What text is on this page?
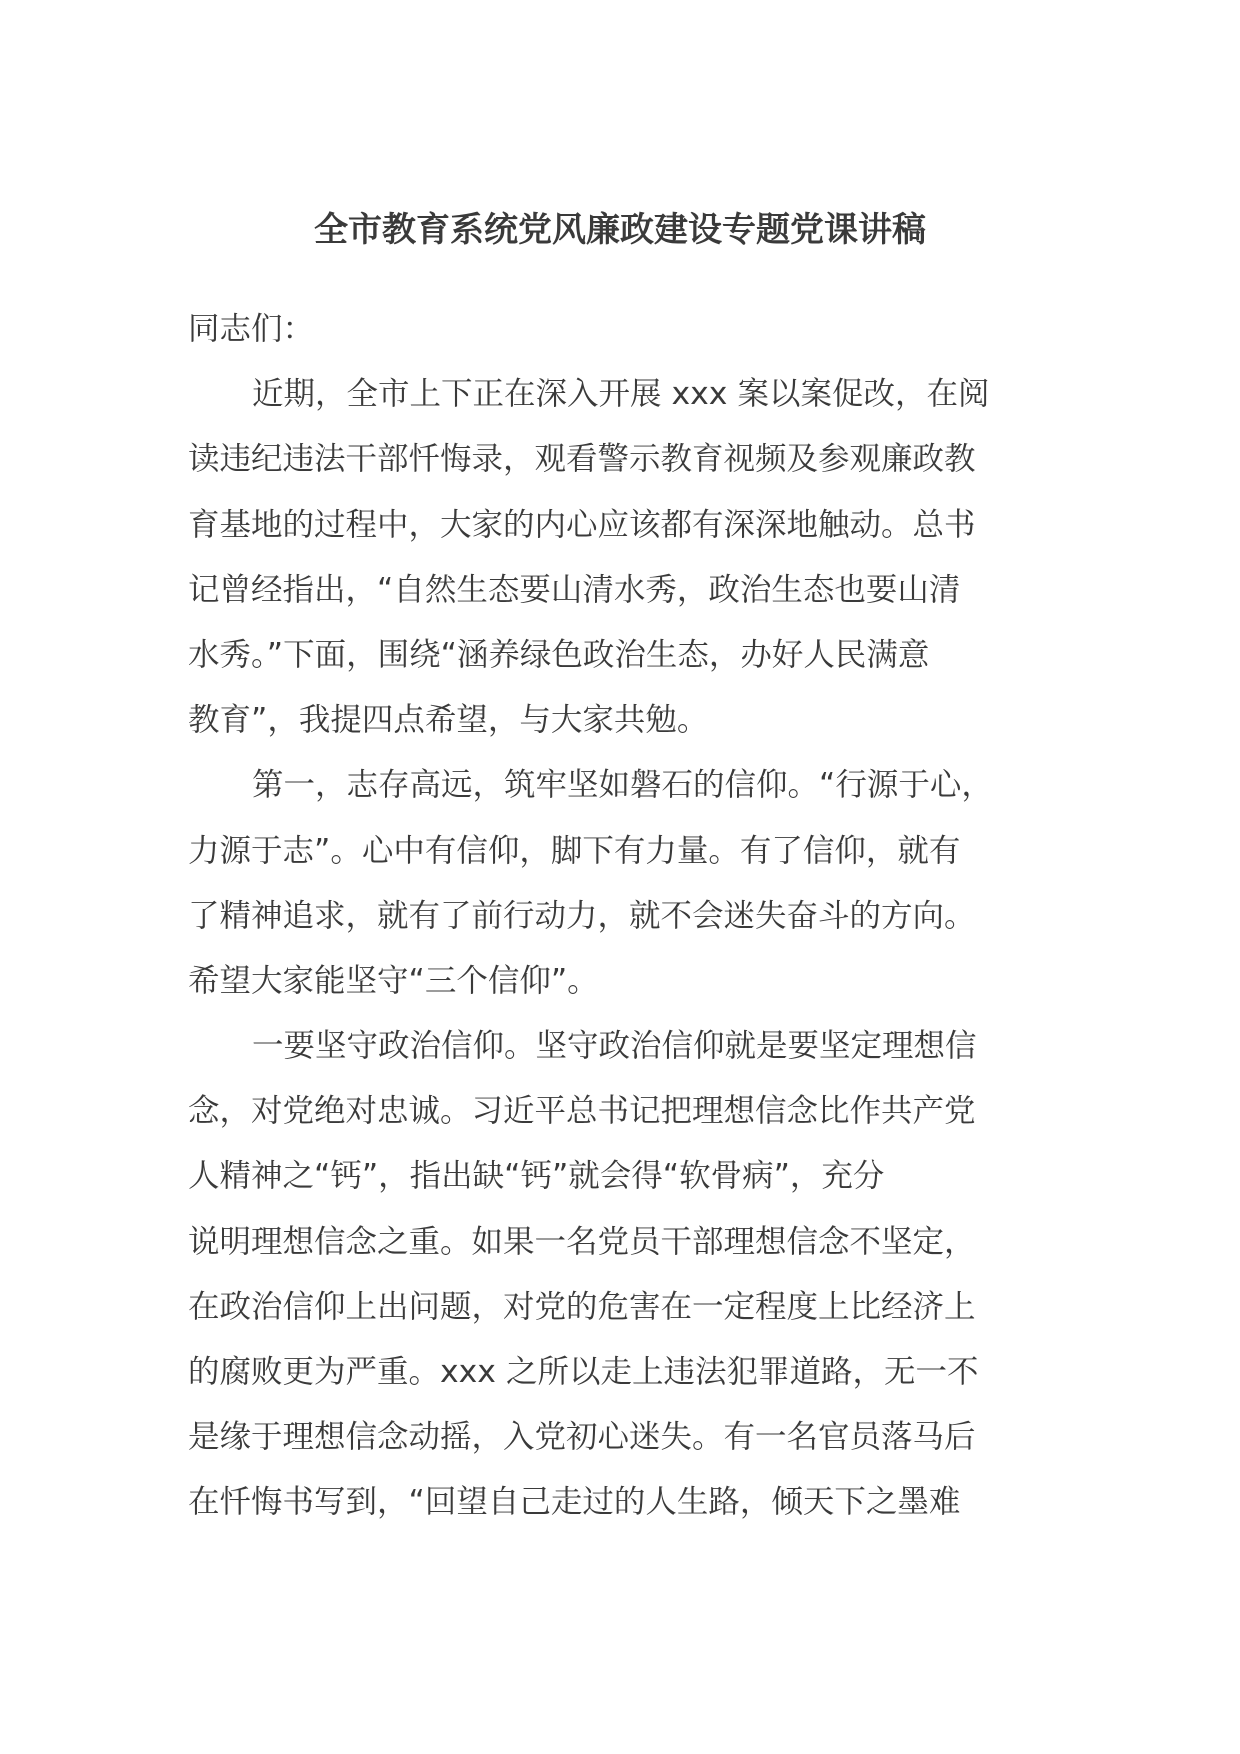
全市教育系统党风廉政建设专题党课讲稿
同志们：
近期，全市上下正在深入开展 xxx 案以案促改，在阅
读违纪违法干部忏悔录，观看警示教育视频及参观廉政教
育基地的过程中，大家的内心应该都有深深地触动。总书
记曾经指出，“自然生态要山清水秀，政治生态也要山清
水秀。”下面，围绕“涵养绿色政治生态，办好人民满意
教育”，我提四点希望，与大家共勉。
第一，志存高远，筑牢坚如磐石的信仰。“行源于心，
力源于志”。心中有信仰，脚下有力量。有了信仰，就有
了精神追求，就有了前行动力，就不会迷失奋斗的方向。
希望大家能坚守“三个信仰”。
一要坚守政治信仰。坚守政治信仰就是要坚定理想信
念，对党绝对忠诚。习近平总书记把理想信念比作共产党
人精神之“钙”，指出缺“钙”就会得“软骨病”，充分
说明理想信念之重。如果一名党员干部理想信念不坚定，
在政治信仰上出问题，对党的危害在一定程度上比经济上
的腐败更为严重。xxx 之所以走上违法犯罪道路，无一不
是缘于理想信念动摇，入党初心迷失。有一名官员落马后
在忏悔书写到，“回望自己走过的人生路，倾天下之墨难
